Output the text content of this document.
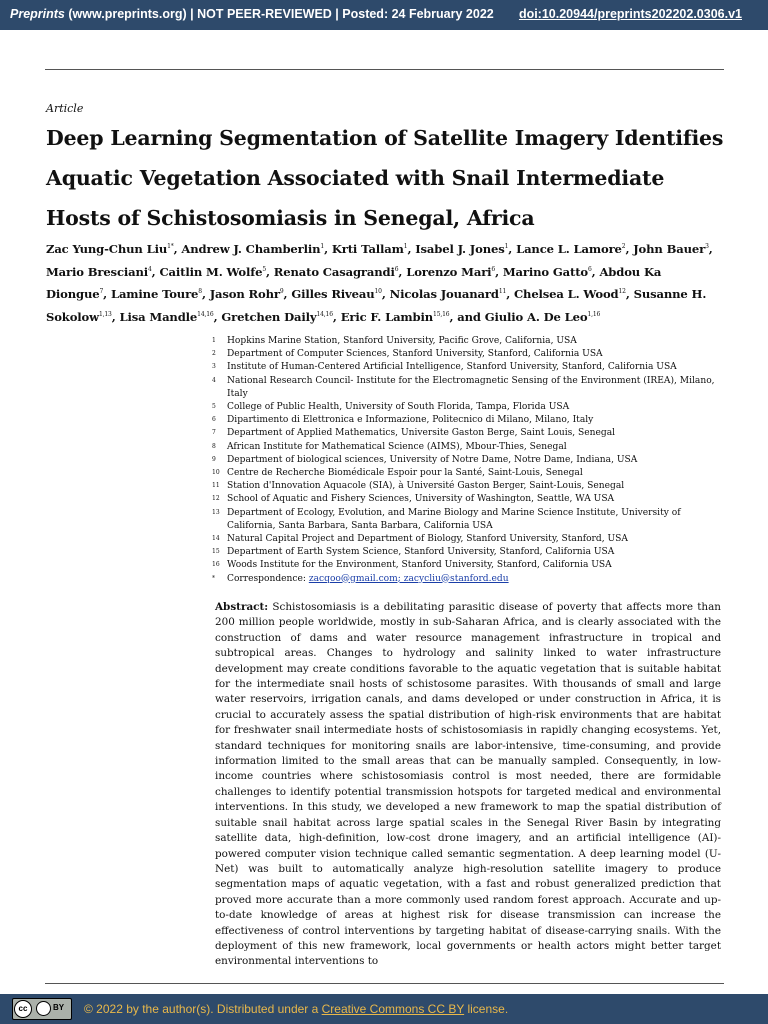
Preprints (www.preprints.org) | NOT PEER-REVIEWED | Posted: 24 February 2022 doi:10.20944/preprints202202.0306.v1
Article
Deep Learning Segmentation of Satellite Imagery Identifies Aquatic Vegetation Associated with Snail Intermediate Hosts of Schistosomiasis in Senegal, Africa
Zac Yung-Chun Liu$^{1*}$, Andrew J. Chamberlin$^1$, Krti Tallam$^1$, Isabel J. Jones$^1$, Lance L. Lamore$^2$, John Bauer$^3$, Mario Bresciani$^4$, Caitlin M. Wolfe$^5$, Renato Casagrandi$^6$, Lorenzo Mari$^6$, Marino Gatto$^6$, Abdou Ka Diongue$^7$, Lamine Toure$^8$, Jason Rohr$^9$, Gilles Riveau$^{10}$, Nicolas Jouanard$^{11}$, Chelsea L. Wood$^{12}$, Susanne H. Sokolow$^{1,13}$, Lisa Mandle$^{14,16}$, Gretchen Daily$^{14,16}$, Eric F. Lambin$^{15,16}$, and Giulio A. De Leo$^{1,16}$
1 Hopkins Marine Station, Stanford University, Pacific Grove, California, USA
2 Department of Computer Sciences, Stanford University, Stanford, California USA
3 Institute of Human-Centered Artificial Intelligence, Stanford University, Stanford, California USA
4 National Research Council- Institute for the Electromagnetic Sensing of the Environment (IREA), Milano, Italy
5 College of Public Health, University of South Florida, Tampa, Florida USA
6 Dipartimento di Elettronica e Informazione, Politecnico di Milano, Milano, Italy
7 Department of Applied Mathematics, Universite Gaston Berge, Saint Louis, Senegal
8 African Institute for Mathematical Science (AIMS), Mbour-Thies, Senegal
9 Department of biological sciences, University of Notre Dame, Notre Dame, Indiana, USA
10 Centre de Recherche Biomédicale Espoir pour la Santé, Saint-Louis, Senegal
11 Station d'Innovation Aquacole (SIA), à Université Gaston Berger, Saint-Louis, Senegal
12 School of Aquatic and Fishery Sciences, University of Washington, Seattle, WA USA
13 Department of Ecology, Evolution, and Marine Biology and Marine Science Institute, University of California, Santa Barbara, Santa Barbara, California USA
14 Natural Capital Project and Department of Biology, Stanford University, Stanford, USA
15 Department of Earth System Science, Stanford University, Stanford, California USA
16 Woods Institute for the Environment, Stanford University, Stanford, California USA
* Correspondence: zacqoo@gmail.com; zacycliu@stanford.edu
Abstract: Schistosomiasis is a debilitating parasitic disease of poverty that affects more than 200 million people worldwide, mostly in sub-Saharan Africa, and is clearly associated with the construction of dams and water resource management infrastructure in tropical and subtropical areas. Changes to hydrology and salinity linked to water infrastructure development may create conditions favorable to the aquatic vegetation that is suitable habitat for the intermediate snail hosts of schistosome parasites. With thousands of small and large water reservoirs, irrigation canals, and dams developed or under construction in Africa, it is crucial to accurately assess the spatial distribution of high-risk environments that are habitat for freshwater snail intermediate hosts of schistosomiasis in rapidly changing ecosystems. Yet, standard techniques for monitoring snails are labor-intensive, time-consuming, and provide information limited to the small areas that can be manually sampled. Consequently, in low-income countries where schistosomiasis control is most needed, there are formidable challenges to identify potential transmission hotspots for targeted medical and environmental interventions. In this study, we developed a new framework to map the spatial distribution of suitable snail habitat across large spatial scales in the Senegal River Basin by integrating satellite data, high-definition, low-cost drone imagery, and an artificial intelligence (AI)-powered computer vision technique called semantic segmentation. A deep learning model (U-Net) was built to automatically analyze high-resolution satellite imagery to produce segmentation maps of aquatic vegetation, with a fast and robust generalized prediction that proved more accurate than a more commonly used random forest approach. Accurate and up-to-date knowledge of areas at highest risk for disease transmission can increase the effectiveness of control interventions by targeting habitat of disease-carrying snails. With the deployment of this new framework, local governments or health actors might better target environmental interventions to
cc	BY © 2022 by the author(s). Distributed under a Creative Commons CC BY license.
